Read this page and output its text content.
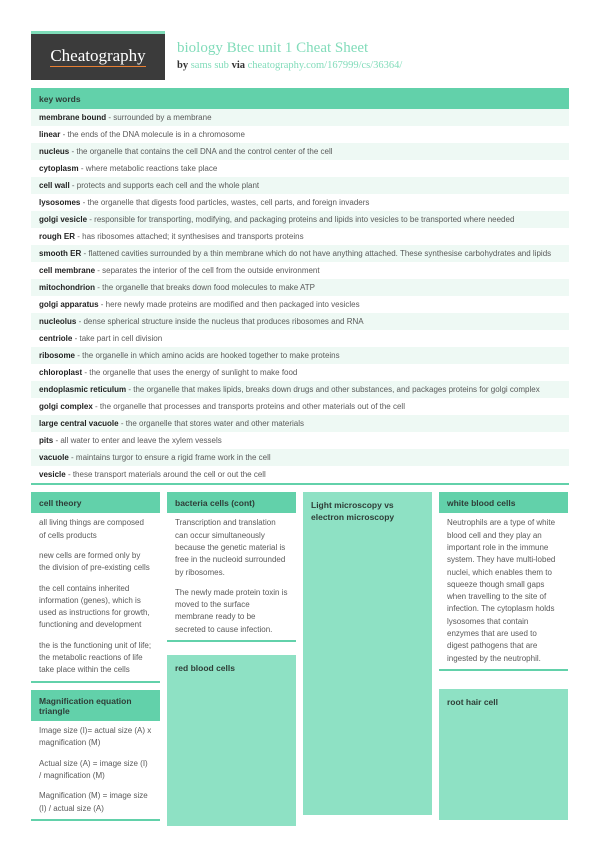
Cheatography biology Btec unit 1 Cheat Sheet
by sams sub via cheatography.com/167999/cs/36364/
key words
membrane bound - surrounded by a membrane
linear - the ends of the DNA molecule is in a chromosome
nucleus - the organelle that contains the cell DNA and the control center of the cell
cytoplasm - where metabolic reactions take place
cell wall - protects and supports each cell and the whole plant
lysosomes - the organelle that digests food particles, wastes, cell parts, and foreign invaders
golgi vesicle - responsible for transporting, modifying, and packaging proteins and lipids into vesicles to be transported where needed
rough ER - has ribosomes attached; it synthesises and transports proteins
smooth ER - flattened cavities surrounded by a thin membrane which do not have anything attached. These synthesise carbohydrates and lipids
cell membrane - separates the interior of the cell from the outside environment
mitochondrion - the organelle that breaks down food molecules to make ATP
golgi apparatus - here newly made proteins are modified and then packaged into vesicles
nucleolus - dense spherical structure inside the nucleus that produces ribosomes and RNA
centriole - take part in cell division
ribosome - the organelle in which amino acids are hooked together to make proteins
chloroplast - the organelle that uses the energy of sunlight to make food
endoplasmic reticulum - the organelle that makes lipids, breaks down drugs and other substances, and packages proteins for golgi complex
golgi complex - the organelle that processes and transports proteins and other materials out of the cell
large central vacuole - the organelle that stores water and other materials
pits - all water to enter and leave the xylem vessels
vacuole - maintains turgor to ensure a rigid frame work in the cell
vesicle - these transport materials around the cell or out the cell
cell theory
all living things are composed of cells products
new cells are formed only by the division of pre-existing cells
the cell contains inherited information (genes), which is used as instructions for growth, functioning and development
the is the functioning unit of life; the metabolic reactions of life take place within the cells
Magnification equation triangle
Image size (I)= actual size (A) x magnification (M)
Actual size (A) = image size (I) / magnification (M)
Magnification (M) = image size (I) / actual size (A)
bacteria cells (cont)
Transcription and translation can occur simultaneously because the genetic material is free in the nucleoid surrounded by ribosomes.
The newly made protein toxin is moved to the surface membrane ready to be secreted to cause infection.
red blood cells
Light microscopy vs electron microscopy
white blood cells
Neutrophils are a type of white blood cell and they play an important role in the immune system. They have multi-lobed nuclei, which enables them to squeeze though small gaps when travelling to the site of infection. The cytoplasm holds lysosomes that contain enzymes that are used to digest pathogens that are ingested by the neutrophil.
root hair cell
